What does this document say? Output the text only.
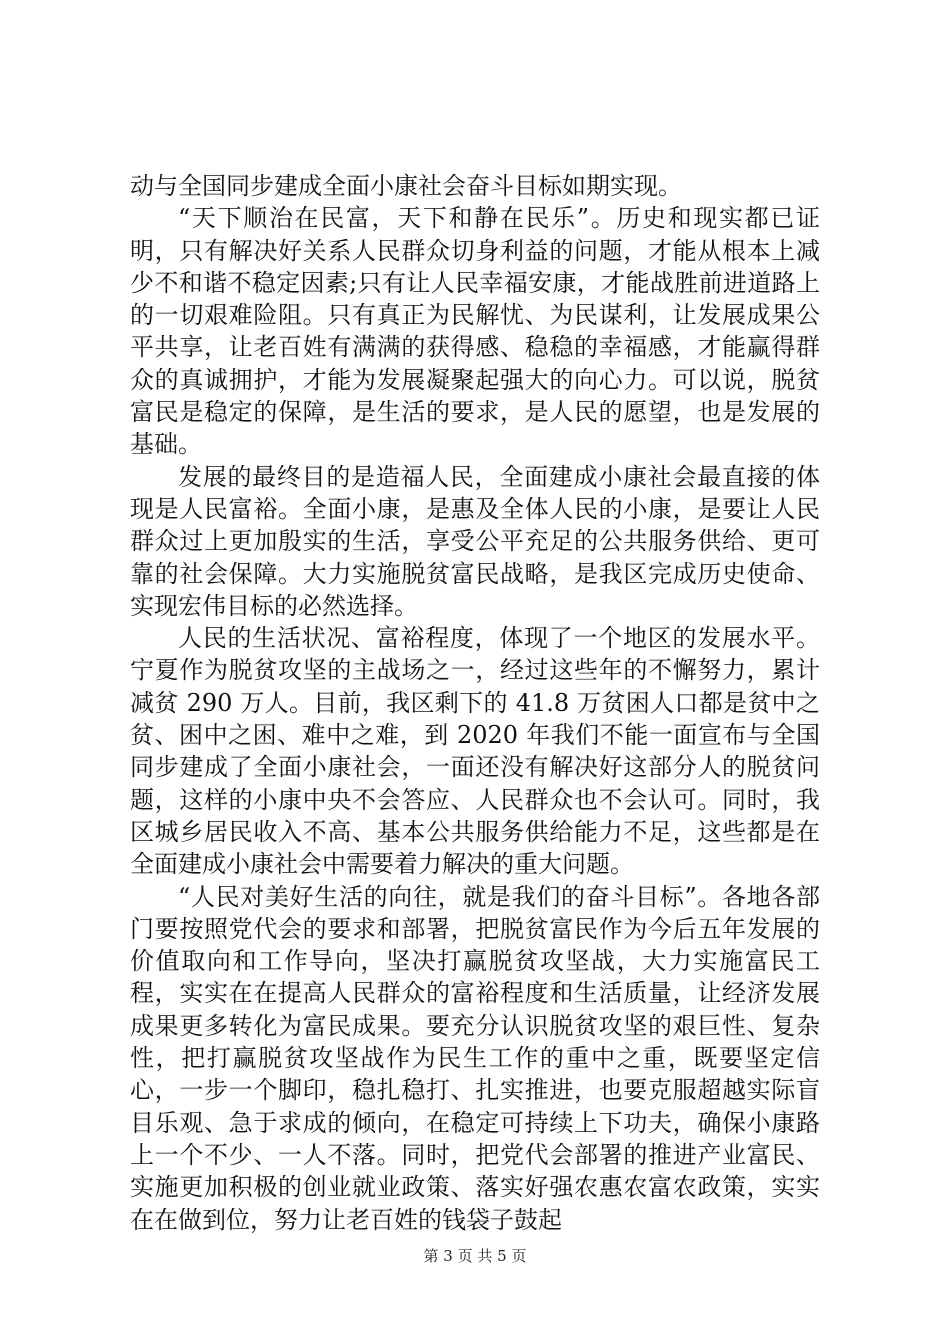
动与全国同步建成全面小康社会奋斗目标如期实现。

“天下顺治在民富，天下和静在民乐”。历史和现实都已证明，只有解决好关系人民群众切身利益的问题，才能从根本上减少不和谐不稳定因素;只有让人民幸福安康，才能战胜前进道路上的一切艰难险阻。只有真正为民解忧、为民谋利，让发展成果公平共享，让老百姓有满满的获得感、稳稳的幸福感，才能赢得群众的真诚拥护，才能为发展凝聚起强大的向心力。可以说，脱贫富民是稳定的保障，是生活的要求，是人民的愿望，也是发展的基础。

发展的最终目的是造福人民，全面建成小康社会最直接的体现是人民富裕。全面小康，是惠及全体人民的小康，是要让人民群众过上更加殷实的生活，享受公平充足的公共服务供给、更可靠的社会保障。大力实施脱贫富民战略，是我区完成历史使命、实现宏伟目标的必然选择。

人民的生活状况、富裕程度，体现了一个地区的发展水平。宁夏作为脱贫攻坚的主战场之一，经过这些年的不懈努力，累计减贫 290 万人。目前，我区剩下的 41.8 万贫困人口都是贫中之贫、困中之困、难中之难，到 2020 年我们不能一面宣布与全国同步建成了全面小康社会，一面还没有解决好这部分人的脱贫问题，这样的小康中央不会答应、人民群众也不会认可。同时，我区城乡居民收入不高、基本公共服务供给能力不足，这些都是在全面建成小康社会中需要着力解决的重大问题。

“人民对美好生活的向往，就是我们的奋斗目标”。各地各部门要按照党代会的要求和部署，把脱贫富民作为今后五年发展的价值取向和工作导向，坚决打赢脱贫攻坚战，大力实施富民工程，实实在在提高人民群众的富裕程度和生活质量，让经济发展成果更多转化为富民成果。要充分认识脱贫攻坚的艰巨性、复杂性，把打赢脱贫攻坚战作为民生工作的重中之重，既要坚定信心，一步一个脚印，稳扎稳打、扎实推进，也要克服超越实际盲目乐观、急于求成的倾向，在稳定可持续上下功夫，确保小康路上一个不少、一人不落。同时，把党代会部署的推进产业富民、实施更加积极的创业就业政策、落实好强农惠农富农政策，实实在在做到位，努力让老百姓的钱袋子鼓起

第 3 页 共 5 页
